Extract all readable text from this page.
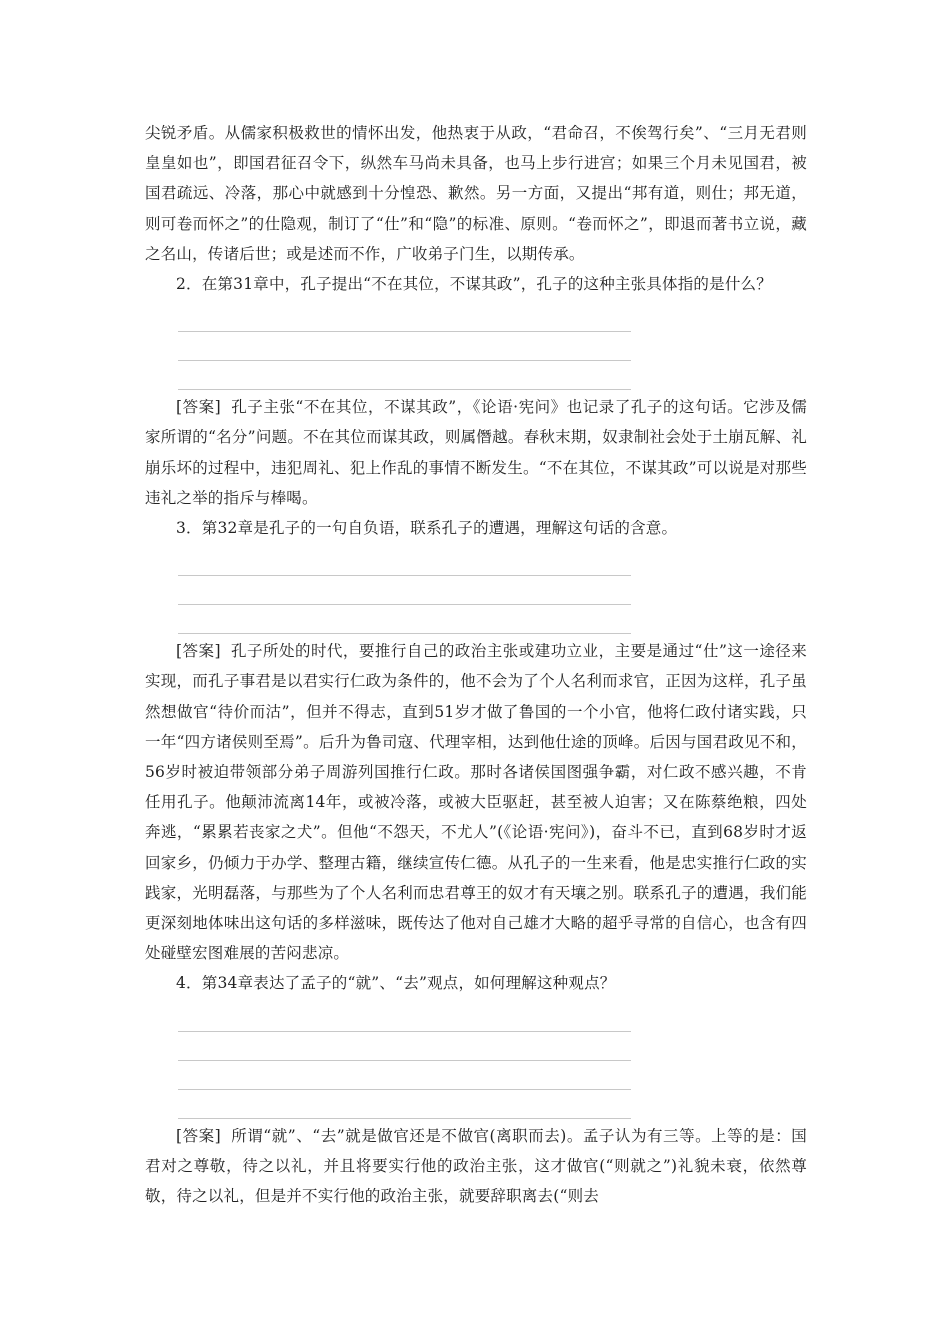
尖锐矛盾。从儒家积极救世的情怀出发，他热衷于从政，“君命召，不俟驾行矣”、“三月无君则皇皇如也”，即国君征召令下，纵然车马尚未具备，也马上步行进宫；如果三个月未见国君，被国君疏远、冷落，那心中就感到十分惶恐、歉然。另一方面，又提出“邦有道，则仕；邦无道，则可卷而怀之”的仕隐观，制订了“仕”和“隐”的标准、原则。“卷而怀之”，即退而著书立说，藏之名山，传诸后世；或是述而不作，广收弟子门生，以期传承。

2．在第31章中，孔子提出“不在其位，不谋其政”，孔子的这种主张具体指的是什么？

[答案] 孔子主张“不在其位，不谋其政”，《论语·宪问》也记录了孔子的这句话。它涉及儒家所谓的“名分”问题。不在其位而谋其政，则属僭越。春秋末期，奴隶制社会处于土崩瓦解、礼崩乐坏的过程中，违犯周礼、犯上作乱的事情不断发生。“不在其位，不谋其政”可以说是对那些违礼之举的指斥与棒喝。

3．第32章是孔子的一句自负语，联系孔子的遭遇，理解这句话的含意。

[答案] 孔子所处的时代，要推行自己的政治主张或建功立业，主要是通过“仕”这一途径来实现，而孔子事君是以君实行仁政为条件的，他不会为了个人名利而求官，正因为这样，孔子虽然想做官“待价而沽”，但并不得志，直到51岁才做了鲁国的一个小官，他将仁政付诸实践，只一年“四方诸侯则至焉”。后升为鲁司寇、代理宰相，达到他仕途的顶峰。后因与国君政见不和，56岁时被迫带领部分弟子周游列国推行仁政。那时各诸侯国图强争霸，对仁政不感兴趣，不肯任用孔子。他颠沛流离14年，或被冷落，或被大臣驱赶，甚至被人迫害；又在陈蔡绝粮，四处奔逃，“累累若丧家之犬”。但他“不怨天，不尤人”(《论语·宪问》)，奋斗不已，直到68岁时才返回家乡，仍倾力于办学、整理古籍，继续宣传仁德。从孔子的一生来看，他是忠实推行仁政的实践家，光明磊落，与那些为了个人名利而忠君尊王的奴才有天壤之别。联系孔子的遭遇，我们能更深刻地体味出这句话的多样滋味，既传达了他对自己雄才大略的超乎寻常的自信心，也含有四处碰壁宏图难展的苦闷悲凉。

4．第34章表达了孟子的“就”、“去”观点，如何理解这种观点？

[答案] 所谓“就”、“去”就是做官还是不做官(离职而去)。孟子认为有三等。上等的是：国君对之尊敬，待之以礼，并且将要实行他的政治主张，这才做官(“则就之”)礼貌未衰，依然尊敬，待之以礼，但是并不实行他的政治主张，就要辞职离去(“则去
